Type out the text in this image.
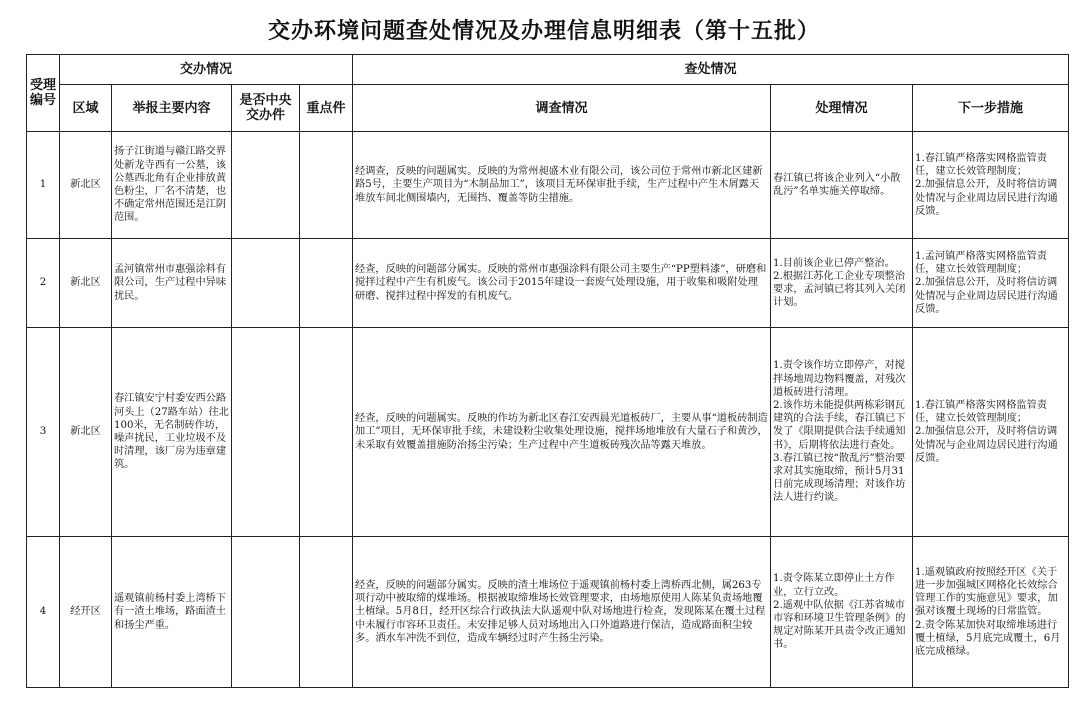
交办环境问题查处情况及办理信息明细表（第十五批）
受理编号	交办情况				查处情况		
	区域	举报主要内容	是否中央交办件	重点件	调查情况	处理情况	下一步措施
1	新北区	扬子江街道与赣江路交界处新龙寺西有一公墓，该公墓西北角有企业排放黄色粉尘，厂名不清楚，也不确定常州范围还是江阴范围。			经调查，反映的问题属实。反映的为常州昶盛木业有限公司，该公司位于常州市新北区建新路5号，主要生产项目为“木制品加工”，该项目无环保审批手续，生产过程中产生木屑露天堆放车间北侧围墙内，无围挡、覆盖等防尘措施。	春江镇已将该企业列入“小散乱污”名单实施关停取缔。	1.春江镇严格落实网格监管责任，建立长效管理制度；
2.加强信息公开，及时将信访调处情况与企业周边居民进行沟通反馈。

2	新北区	孟河镇常州市惠强涂料有限公司，生产过程中异味扰民。			经查，反映的问题部分属实。反映的常州市惠强涂料有限公司主要生产“PP塑料漆”，研磨和搅拌过程中产生有机废气。该公司于2015年建设一套废气处理设施，用于收集和吸附处理研磨、搅拌过程中挥发的有机废气。	1.目前该企业已停产整治。
2.根据江苏化工企业专项整治要求，孟河镇已将其列入关闭计划。	1.孟河镇严格落实网格监管责任，建立长效管理制度；
2.加强信息公开，及时将信访调处情况与企业周边居民进行沟通反馈。

3	新北区	春江镇安宁村委安西公路河头上（27路车站）往北100米，无名制砖作坊，噪声扰民，工业垃圾不及时清理，该厂房为违章建筑。			经查，反映的问题属实。反映的作坊为新北区春江安西晨光道板砖厂，主要从事“道板砖制造加工”项目，无环保审批手续，未建设粉尘收集处理设施，搅拌场地堆放有大量石子和黄沙，未采取有效覆盖措施防治扬尘污染；生产过程中产生道板砖残次品等露天堆放。	1.责令该作坊立即停产，对搅拌场地周边物料覆盖，对残次道板砖进行清理。
2.该作坊未能提供两栋彩钢瓦建筑的合法手续，春江镇已下发了《限期提供合法手续通知书》，后期将依法进行查处。
3.春江镇已按“散乱污”整治要求对其实施取缔，预计5月31日前完成现场清理；对该作坊法人进行约谈。	1.春江镇严格落实网格监管责任，建立长效管理制度；
2.加强信息公开，及时将信访调处情况与企业周边居民进行沟通反馈。

4	经开区	遥观镇前杨村委上湾桥下有一渣土堆场，路面渣土和扬尘严重。			经查，反映的问题部分属实。反映的渣土堆场位于遥观镇前杨村委上湾桥西北侧，属263专项行动中被取缔的煤堆场。根据被取缔堆场长效管理要求，由场地原使用人陈某负责场地覆土植绿。5月8日，经开区综合行政执法大队遥观中队对场地进行检查，发现陈某在覆土过程中未履行市容环卫责任。未安排足够人员对场地出入口外道路进行保洁，造成路面积尘较多。洒水车冲洗不到位，造成车辆经过时产生扬尘污染。	1.责令陈某立即停止土方作业，立行立改。
2.遥观中队依据《江苏省城市市容和环境卫生管理条例》的规定对陈某开具责令改正通知书。	1.遥观镇政府按照经开区《关于进一步加强城区网格化长效综合管理工作的实施意见》要求，加强对该覆土现场的日常监管。
2.责令陈某加快对取缔堆场进行覆土植绿，5月底完成覆土，6月底完成植绿。
